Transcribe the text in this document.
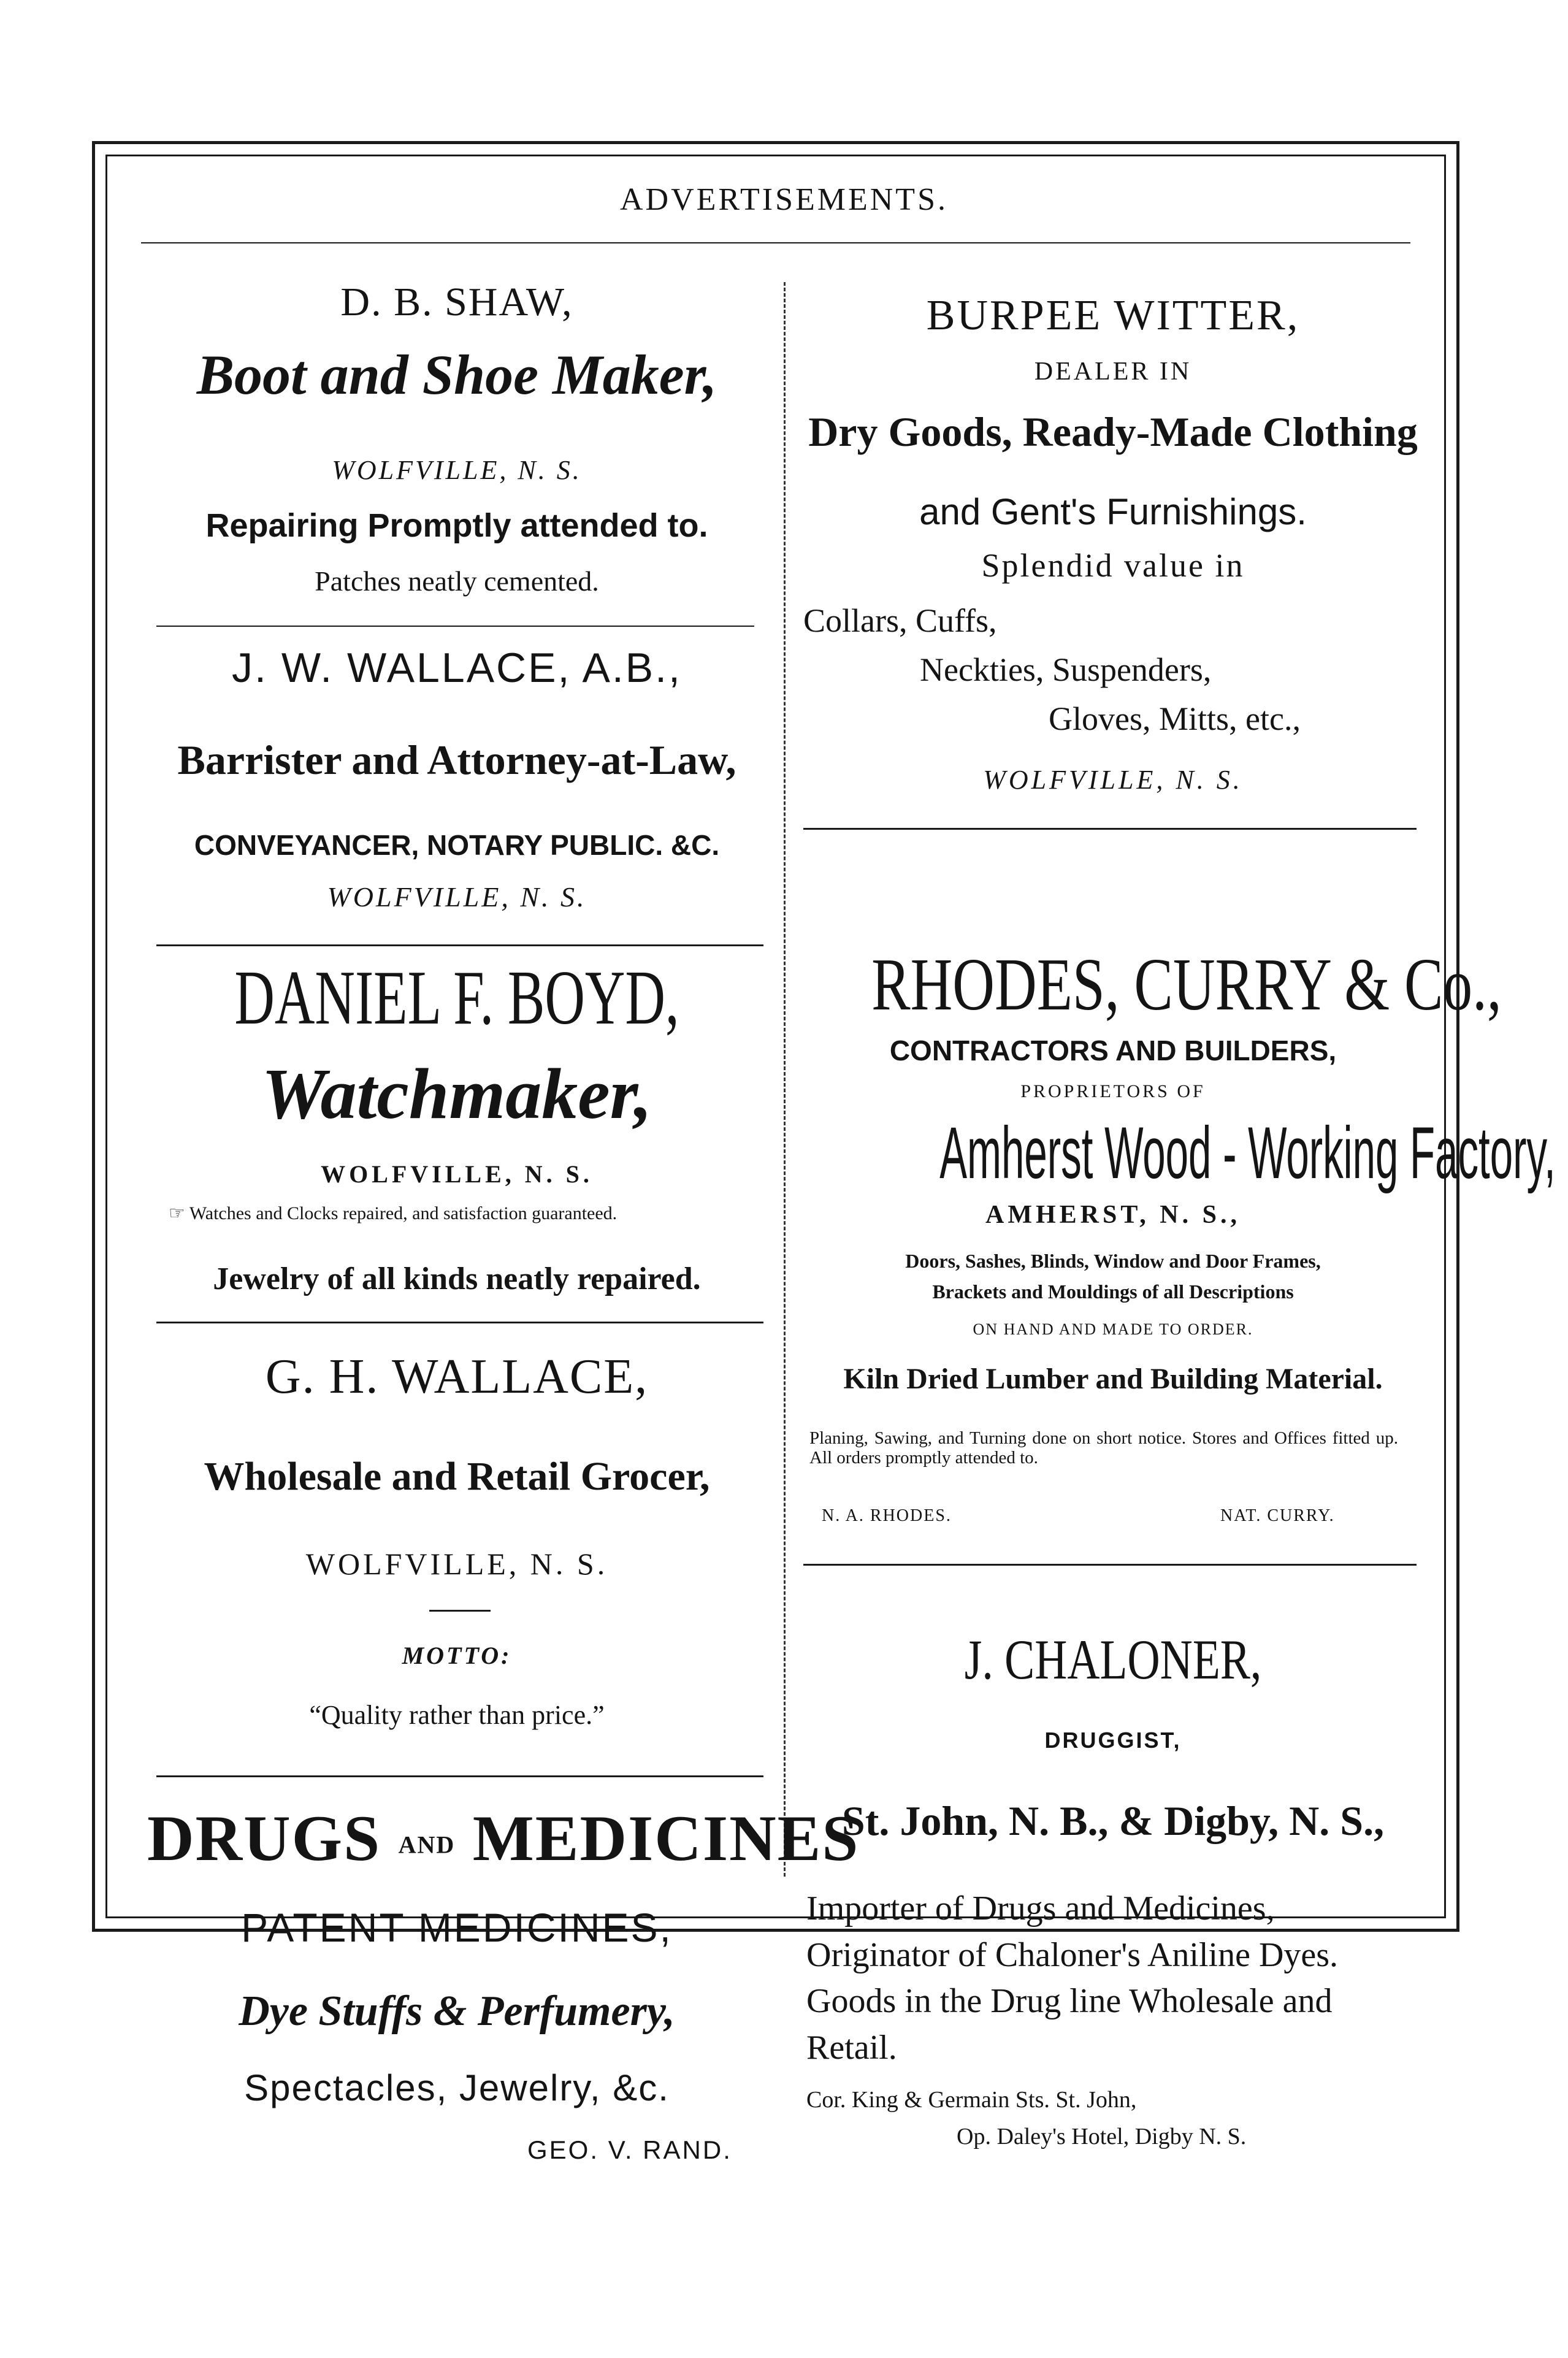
ADVERTISEMENTS.
D. B. SHAW,
Boot and Shoe Maker,
WOLFVILLE, N. S.
Repairing Promptly attended to.
Patches neatly cemented.
J. W. WALLACE, A.B.,
Barrister and Attorney-at-Law,
CONVEYANCER, NOTARY PUBLIC. &C.
WOLFVILLE, N. S.
DANIEL F. BOYD,
Watchmaker,
WOLFVILLE, N. S.
☞ Watches and Clocks repaired, and satisfaction guaranteed.
Jewelry of all kinds neatly repaired.
G. H. WALLACE,
Wholesale and Retail Grocer,
WOLFVILLE, N. S.
MOTTO:
“Quality rather than price.”
DRUGS AND MEDICINES
PATENT MEDICINES,
Dye Stuffs & Perfumery,
Spectacles, Jewelry, &c.
GEO. V. RAND.
BURPEE WITTER,
DEALER IN
Dry Goods, Ready-Made Clothing
and Gent's Furnishings.
Splendid value in
Collars, Cuffs,
Neckties, Suspenders,
Gloves, Mitts, etc.,
WOLFVILLE, N. S.
RHODES, CURRY & Co.,
CONTRACTORS AND BUILDERS,
PROPRIETORS OF
Amherst Wood - Working Factory,
AMHERST, N. S.,
Doors, Sashes, Blinds, Window and Door Frames,
Brackets and Mouldings of all Descriptions
ON HAND AND MADE TO ORDER.
Kiln Dried Lumber and Building Material.
Planing, Sawing, and Turning done on short notice. Stores and Offices fitted up. All orders promptly attended to.
N. A. RHODES.	NAT. CURRY.
J. CHALONER,
DRUGGIST,
St. John, N. B., & Digby, N. S.,
Importer of Drugs and Medicines, Originator of Chaloner's Aniline Dyes. Goods in the Drug line Wholesale and Retail.
Cor. King & Germain Sts. St. John,
Op. Daley's Hotel, Digby N. S.
